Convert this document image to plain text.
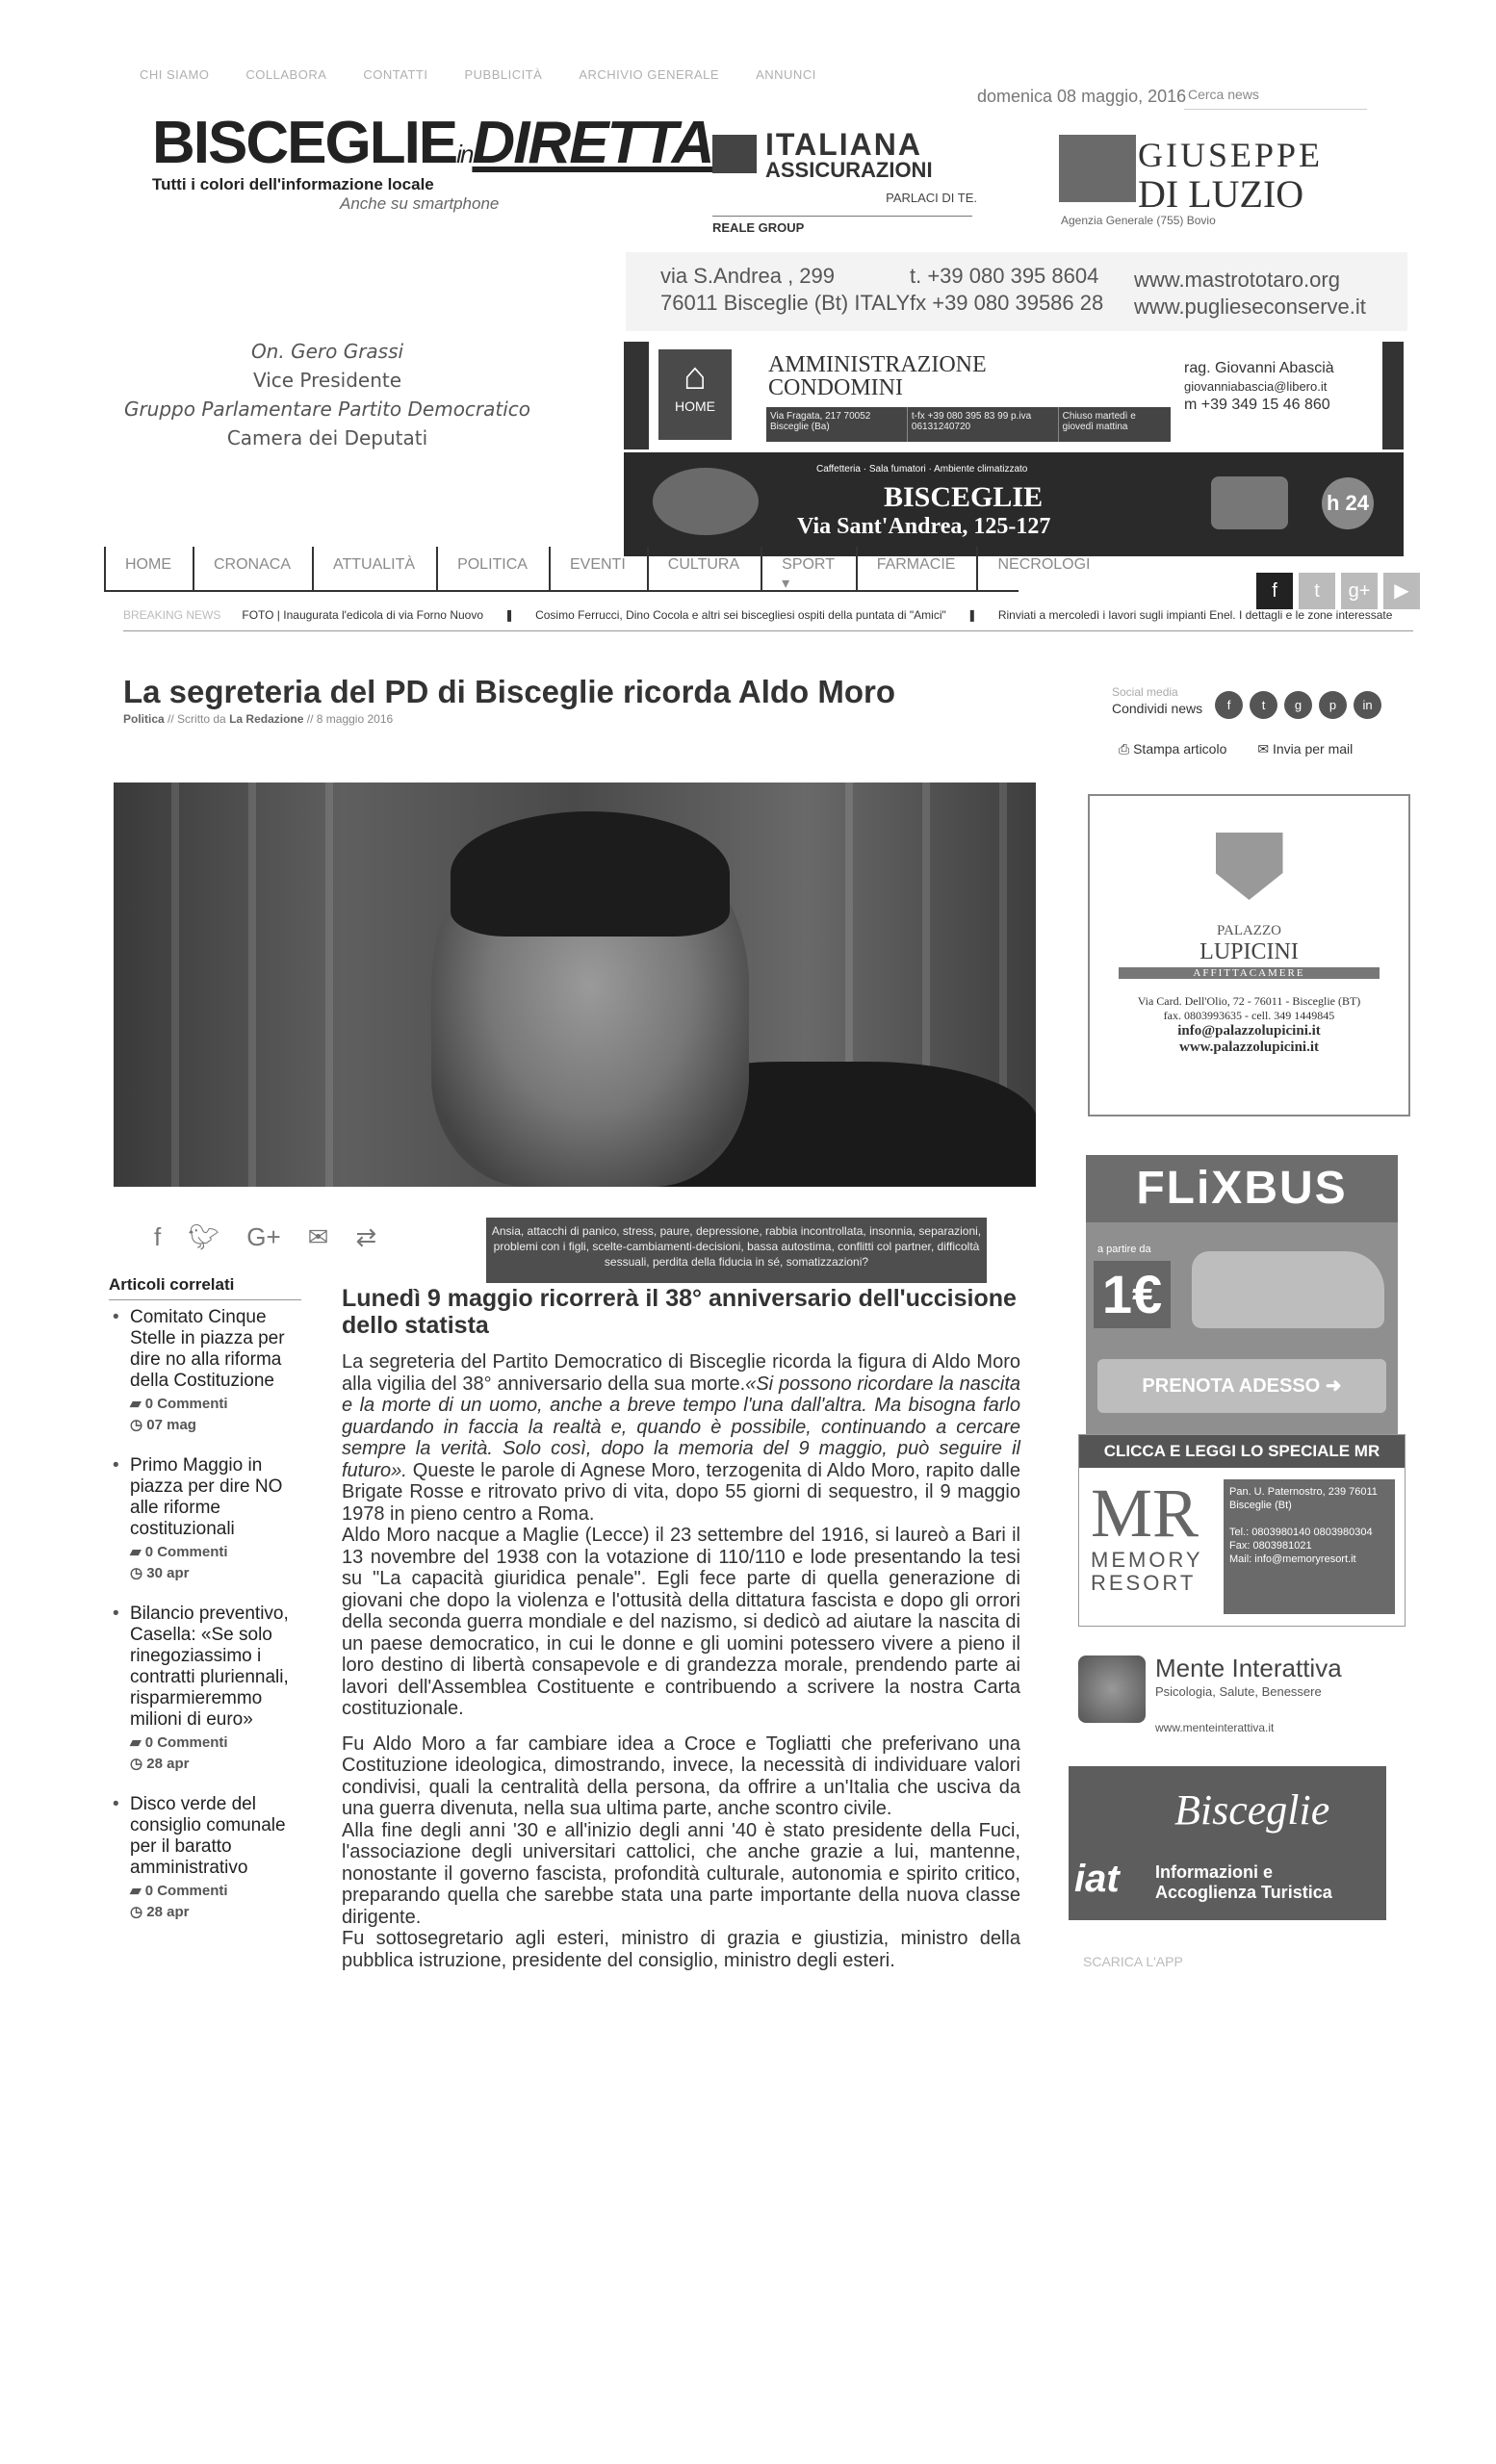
CHI SIAMO	COLLABORA	CONTATTI	PUBBLICITÀ	ARCHIVIO GENERALE	ANNUNCI
domenica 08 maggio, 2016 Cerca news
BISCEGLIEinDIRETTA
Tutti i colori dell'informazione locale
Anche su smartphone
ITALIANA
ASSICURAZIONI
PARLACI DI TE.
REALE GROUP
GIUSEPPE
DI LUZIO
Agenzia Generale (755) Bovio
via S.Andrea , 299
76011 Bisceglie (Bt) ITALY
t. +39 080 395 8604
fx +39 080 39586 28
www.mastrototaro.org
www.puglieseconserve.it
⌂
HOME
AMMINISTRAZIONE
CONDOMINI
Via Fragata, 217 70052 Bisceglie (Ba)
t-fx +39 080 395 83 99 p.iva 06131240720
Chiuso martedì e giovedì mattina
rag. Giovanni Abascià
giovanniabascia@libero.it
m +39 349 15 46 860
Caffetteria · Sala fumatori · Ambiente climatizzato
BISCEGLIE
Via Sant'Andrea, 125-127
h 24
On. Gero Grassi
Vice Presidente
Gruppo Parlamentare Partito Democratico
Camera dei Deputati
HOME	CRONACA	ATTUALITÀ	POLITICA	EVENTI	CULTURA	SPORT ▾
FARMACIE	NECROLOGI
f	t	g+	▶
BREAKING NEWS FOTO | Inaugurata l'edicola di via Forno Nuovo ❚ Cosimo Ferrucci, Dino Cocola e altri sei biscegliesi ospiti della puntata di "Amici" ❚ Rinviati a mercoledì i lavori sugli impianti Enel. I dettagli e le zone interessate
La segreteria del PD di Bisceglie ricorda Aldo Moro
Politica // Scritto da La Redazione // 8 maggio 2016
Social media
Condividi news	f	t	g	p	in
⎙ Stampa articolo ✉ Invia per mail
f 🐦︎ G+ ✉ ⇄	Ansia, attacchi di panico, stress, paure, depressione, rabbia incontrollata, insonnia, separazioni, problemi con i figli, scelte-cambiamenti-decisioni, bassa autostima, conflitti col partner, difficoltà sessuali, perdita della fiducia in sé, somatizzazioni?
Articoli correlati
• Comitato Cinque Stelle in piazza per dire no alla riforma della Costituzione
▰ 0 Commenti
◷ 07 mag
• Primo Maggio in piazza per dire NO alle riforme costituzionali
▰ 0 Commenti
◷ 30 apr
• Bilancio preventivo, Casella: «Se solo rinegoziassimo i contratti pluriennali, risparmieremmo milioni di euro»
▰ 0 Commenti
◷ 28 apr
• Disco verde del consiglio comunale per il baratto amministrativo
▰ 0 Commenti
◷ 28 apr
Lunedì 9 maggio ricorrerà il 38° anniversario dell'uccisione dello statista

La segreteria del Partito Democratico di Bisceglie ricorda la figura di Aldo Moro alla vigilia del 38° anniversario della sua morte.«Si possono ricordare la nascita e la morte di un uomo, anche a breve tempo l'una dall'altra. Ma bisogna farlo guardando in faccia la realtà e, quando è possibile, continuando a cercare sempre la verità. Solo così, dopo la memoria del 9 maggio, può seguire il futuro». Queste le parole di Agnese Moro, terzogenita di Aldo Moro, rapito dalle Brigate Rosse e ritrovato privo di vita, dopo 55 giorni di sequestro, il 9 maggio 1978 in pieno centro a Roma.
Aldo Moro nacque a Maglie (Lecce) il 23 settembre del 1916, si laureò a Bari il 13 novembre del 1938 con la votazione di 110/110 e lode presentando la tesi su "La capacità giuridica penale". Egli fece parte di quella generazione di giovani che dopo la violenza e l'ottusità della dittatura fascista e dopo gli orrori della seconda guerra mondiale e del nazismo, si dedicò ad aiutare la nascita di un paese democratico, in cui le donne e gli uomini potessero vivere a pieno il loro destino di libertà consapevole e di grandezza morale, prendendo parte ai lavori dell'Assemblea Costituente e contribuendo a scrivere la nostra Carta costituzionale.

Fu Aldo Moro a far cambiare idea a Croce e Togliatti che preferivano una Costituzione ideologica, dimostrando, invece, la necessità di individuare valori condivisi, quali la centralità della persona, da offrire a un'Italia che usciva da una guerra divenuta, nella sua ultima parte, anche scontro civile.
Alla fine degli anni '30 e all'inizio degli anni '40 è stato presidente della Fuci, l'associazione degli universitari cattolici, che anche grazie a lui, mantenne, nonostante il governo fascista, profondità culturale, autonomia e spirito critico, preparando quella che sarebbe stata una parte importante della nuova classe dirigente.
Fu sottosegretario agli esteri, ministro di grazia e giustizia, ministro della pubblica istruzione, presidente del consiglio, ministro degli esteri.

PALAZZO
LUPICINI
AFFITTACAMERE
Via Card. Dell'Olio, 72 - 76011 - Bisceglie (BT)
fax. 0803993635 - cell. 349 1449845
info@palazzolupicini.it
www.palazzolupicini.it
FLiXBUS
a partire da
1€
PRENOTA ADESSO ➜
CLICCA E LEGGI LO SPECIALE MR
MR
MEMORY
RESORT
Pan. U. Paternostro, 239 76011 Bisceglie (Bt)

Tel.: 0803980140 0803980304
Fax: 0803981021
Mail: info@memoryresort.it
Mente Interattiva
Psicologia, Salute, Benessere
www.menteinterattiva.it
Bisceglie
iat Informazioni e
Accoglienza Turistica
SCARICA L'APP
